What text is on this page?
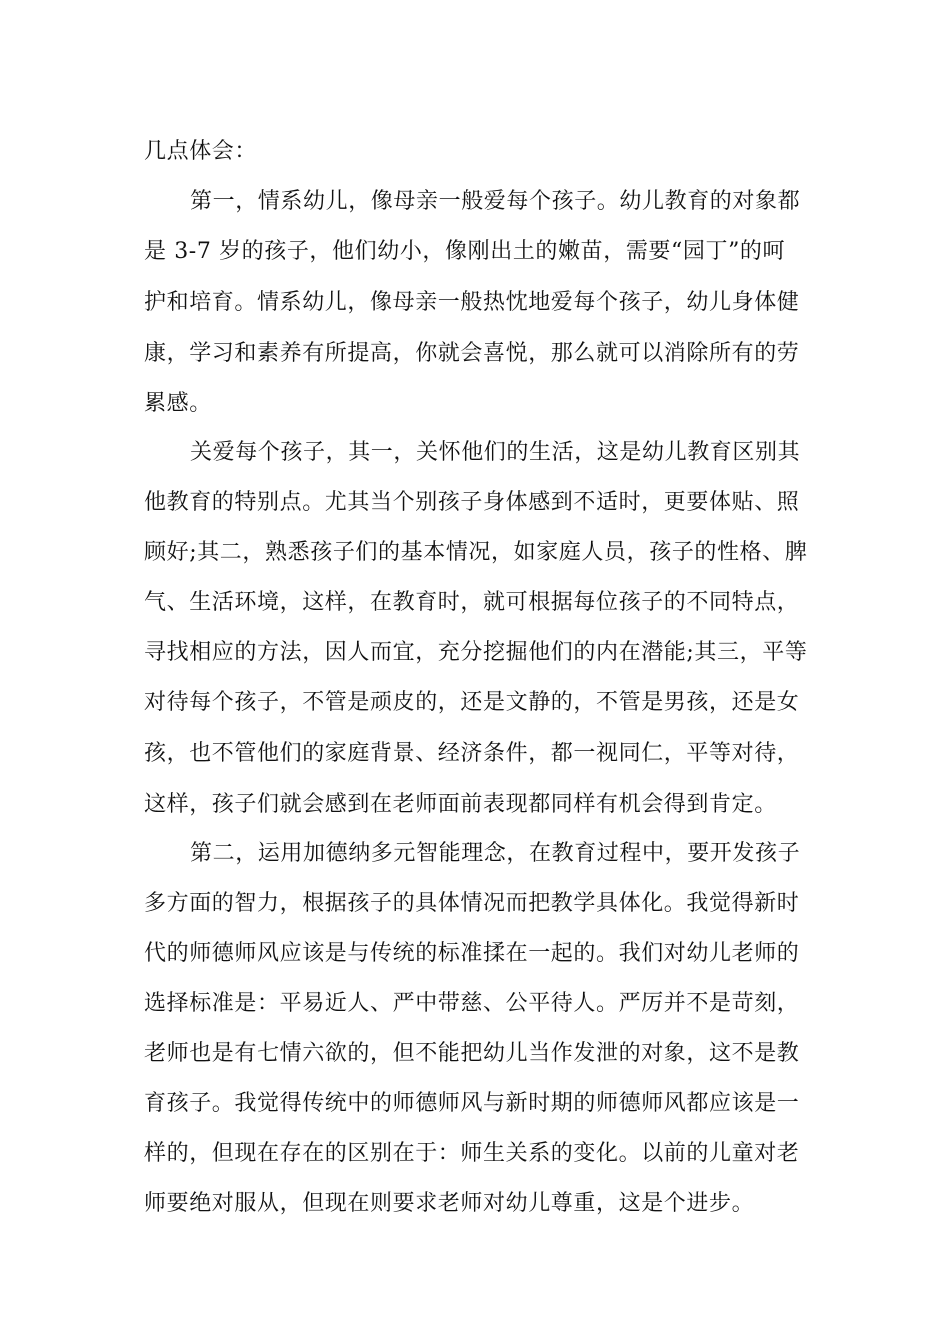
几点体会：
第一，情系幼儿，像母亲一般爱每个孩子。幼儿教育的对象都
是 3-7 岁的孩子，他们幼小，像刚出土的嫩苗，需要“园丁”的呵
护和培育。情系幼儿，像母亲一般热忱地爱每个孩子，幼儿身体健
康，学习和素养有所提高，你就会喜悦，那么就可以消除所有的劳
累感。
关爱每个孩子，其一，关怀他们的生活，这是幼儿教育区别其
他教育的特别点。尤其当个别孩子身体感到不适时，更要体贴、照
顾好;其二，熟悉孩子们的基本情况，如家庭人员，孩子的性格、脾
气、生活环境，这样，在教育时，就可根据每位孩子的不同特点，
寻找相应的方法，因人而宜，充分挖掘他们的内在潜能;其三，平等
对待每个孩子，不管是顽皮的，还是文静的，不管是男孩，还是女
孩，也不管他们的家庭背景、经济条件，都一视同仁，平等对待，
这样，孩子们就会感到在老师面前表现都同样有机会得到肯定。
第二，运用加德纳多元智能理念，在教育过程中，要开发孩子
多方面的智力，根据孩子的具体情况而把教学具体化。我觉得新时
代的师德师风应该是与传统的标准揉在一起的。我们对幼儿老师的
选择标准是：平易近人、严中带慈、公平待人。严厉并不是苛刻，
老师也是有七情六欲的，但不能把幼儿当作发泄的对象，这不是教
育孩子。我觉得传统中的师德师风与新时期的师德师风都应该是一
样的，但现在存在的区别在于：师生关系的变化。以前的儿童对老
师要绝对服从，但现在则要求老师对幼儿尊重，这是个进步。
